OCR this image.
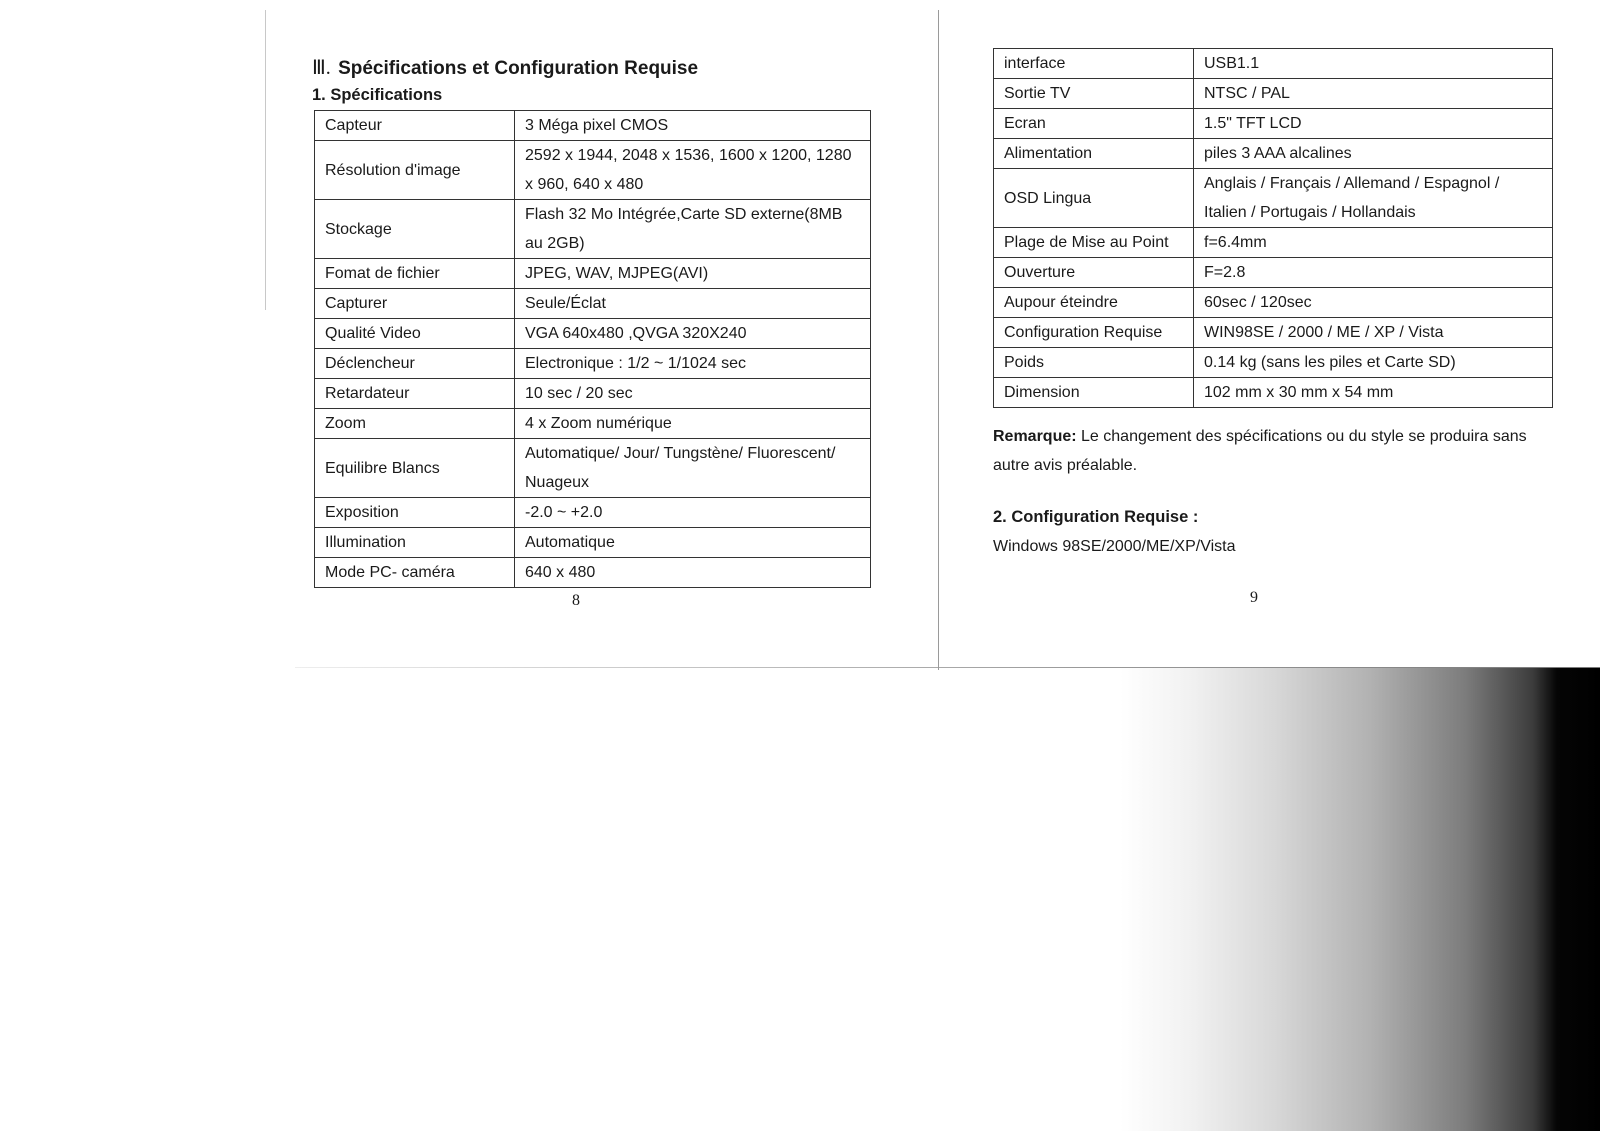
Ⅲ. Spécifications et Configuration Requise
1. Spécifications
Capteur	3 Méga pixel CMOS
Résolution d'image	2592 x 1944, 2048 x 1536, 1600 x 1200, 1280 x 960, 640 x 480
Stockage	Flash 32 Mo Intégrée,Carte SD externe(8MB au 2GB)
Fomat de fichier	JPEG, WAV, MJPEG(AVI)
Capturer	Seule/Éclat
Qualité Video	VGA 640x480 ,QVGA 320X240
Déclencheur	Electronique : 1/2 ~ 1/1024 sec
Retardateur	10 sec / 20 sec
Zoom	4 x Zoom numérique
Equilibre Blancs	Automatique/ Jour/ Tungstène/ Fluorescent/ Nuageux
Exposition	-2.0 ~ +2.0
Illumination	Automatique
Mode PC- caméra	640 x 480
8
interface	USB1.1
Sortie TV	NTSC / PAL
Ecran	1.5" TFT LCD
Alimentation	piles 3 AAA alcalines
OSD Lingua	Anglais / Français / Allemand / Espagnol / Italien / Portugais / Hollandais
Plage de Mise au Point	f=6.4mm
Ouverture	F=2.8
Aupour éteindre	60sec / 120sec
Configuration Requise	WIN98SE / 2000 / ME / XP / Vista
Poids	0.14 kg (sans les piles et Carte SD)
Dimension	102 mm x 30 mm x 54 mm
Remarque: Le changement des spécifications ou du style se produira sans autre avis préalable.
2. Configuration Requise :
Windows 98SE/2000/ME/XP/Vista
9
